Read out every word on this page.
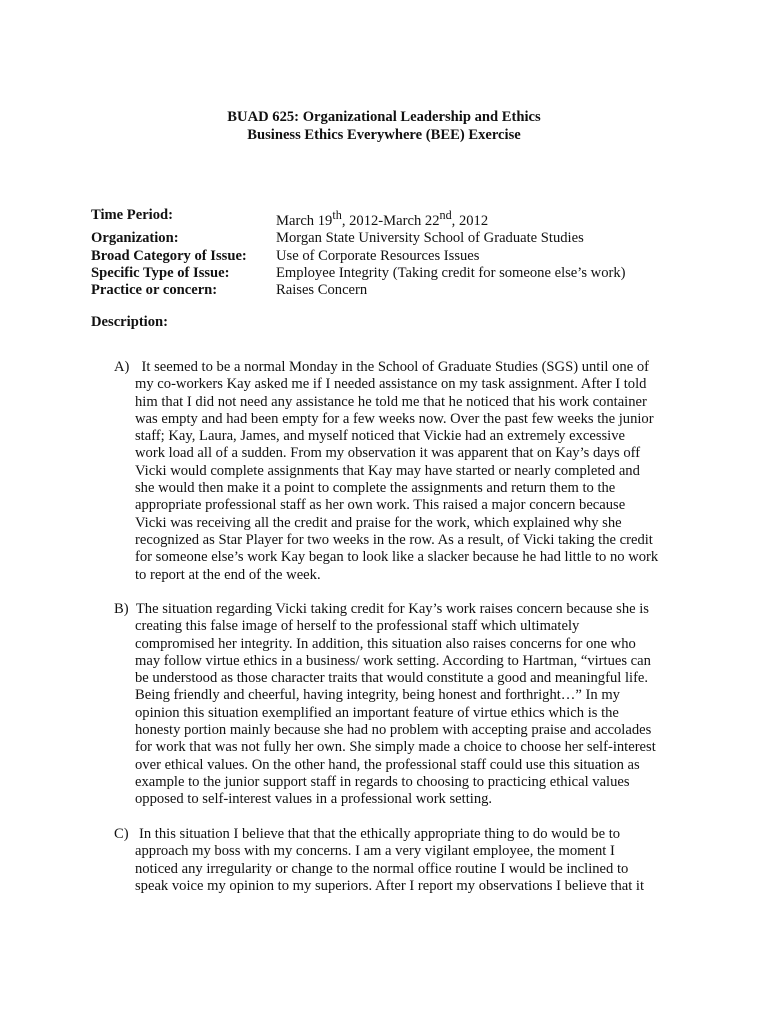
BUAD 625: Organizational Leadership and Ethics
Business Ethics Everywhere (BEE) Exercise
Time Period:	March 19th, 2012-March 22nd, 2012
Organization:	Morgan State University School of Graduate Studies
Broad Category of Issue:	Use of Corporate Resources Issues
Specific Type of Issue:	Employee Integrity (Taking credit for someone else’s work)
Practice or concern:	Raises Concern
Description:
A) It seemed to be a normal Monday in the School of Graduate Studies (SGS) until one of
my co-workers Kay asked me if I needed assistance on my task assignment. After I told
him that I did not need any assistance he told me that he noticed that his work container
was empty and had been empty for a few weeks now. Over the past few weeks the junior
staff; Kay, Laura, James, and myself noticed that Vickie had an extremely excessive
work load all of a sudden. From my observation it was apparent that on Kay’s days off
Vicki would complete assignments that Kay may have started or nearly completed and
she would then make it a point to complete the assignments and return them to the
appropriate professional staff as her own work. This raised a major concern because
Vicki was receiving all the credit and praise for the work, which explained why she
recognized as Star Player for two weeks in the row. As a result, of Vicki taking the credit
for someone else’s work Kay began to look like a slacker because he had little to no work
to report at the end of the week.
B) The situation regarding Vicki taking credit for Kay’s work raises concern because she is
creating this false image of herself to the professional staff which ultimately
compromised her integrity. In addition, this situation also raises concerns for one who
may follow virtue ethics in a business/ work setting. According to Hartman, “virtues can
be understood as those character traits that would constitute a good and meaningful life.
Being friendly and cheerful, having integrity, being honest and forthright…” In my
opinion this situation exemplified an important feature of virtue ethics which is the
honesty portion mainly because she had no problem with accepting praise and accolades
for work that was not fully her own. She simply made a choice to choose her self-interest
over ethical values. On the other hand, the professional staff could use this situation as
example to the junior support staff in regards to choosing to practicing ethical values
opposed to self-interest values in a professional work setting.
C) In this situation I believe that that the ethically appropriate thing to do would be to
approach my boss with my concerns. I am a very vigilant employee, the moment I
noticed any irregularity or change to the normal office routine I would be inclined to
speak voice my opinion to my superiors. After I report my observations I believe that it
